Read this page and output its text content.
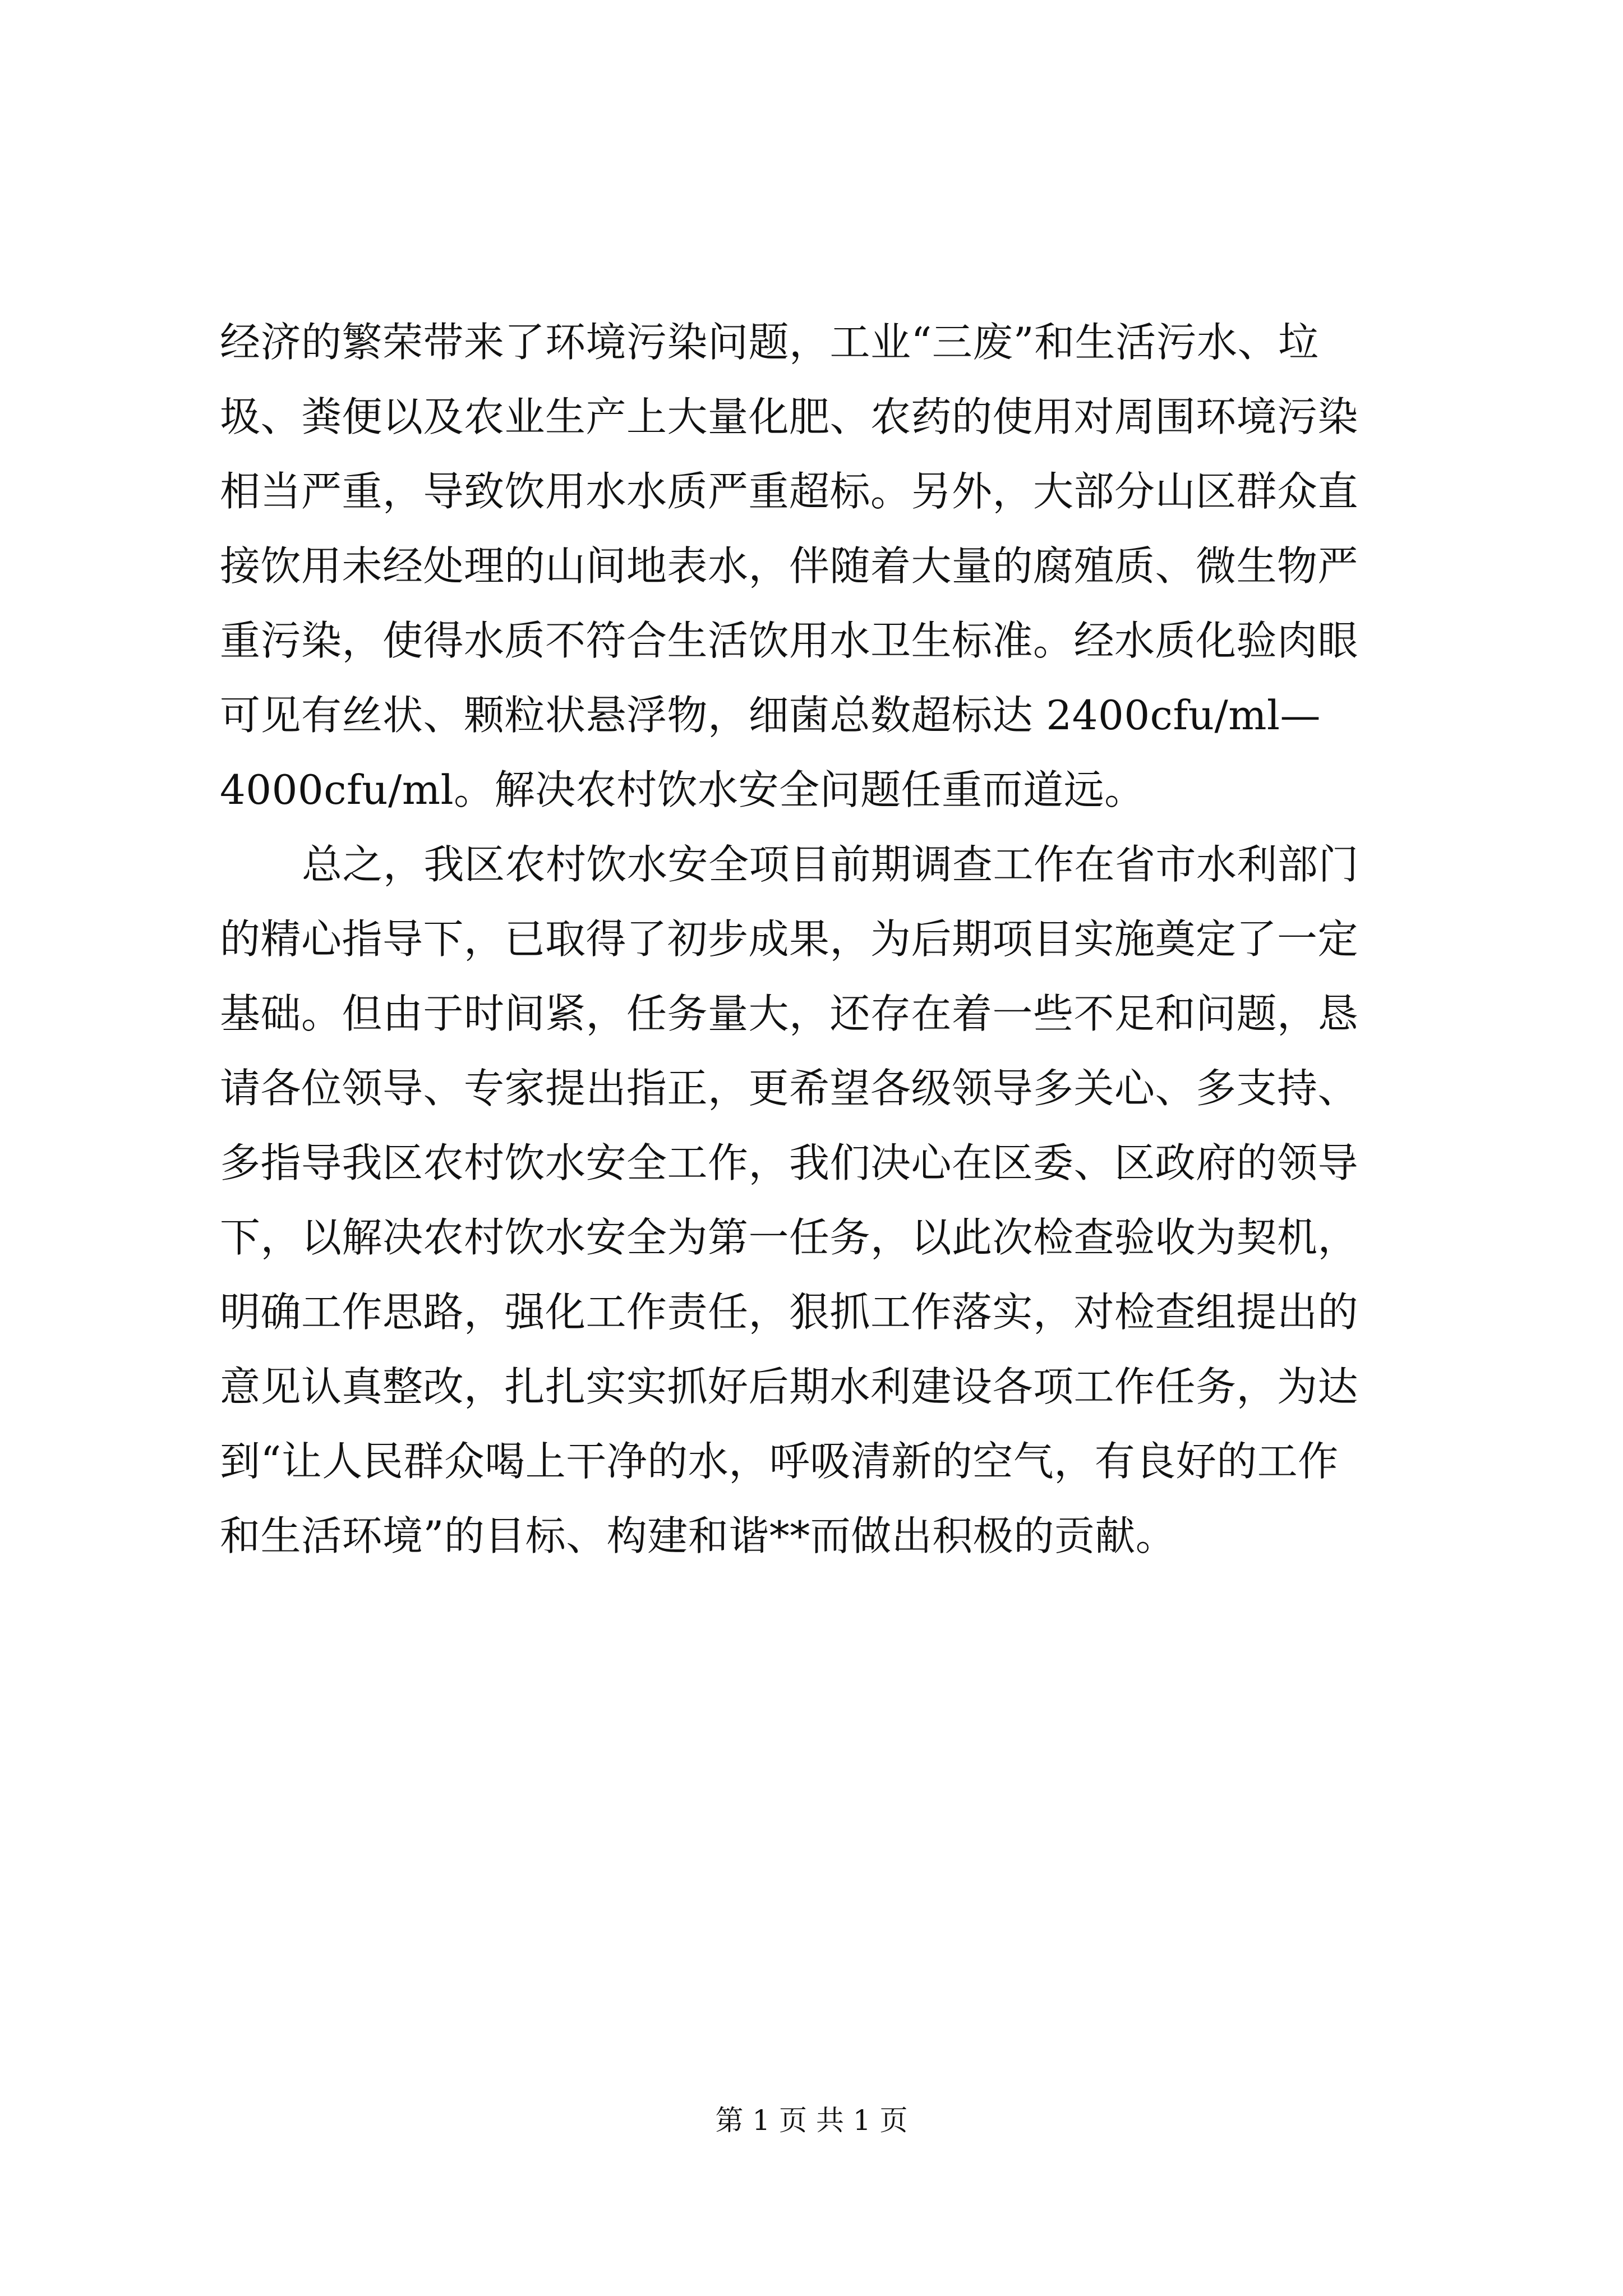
经济的繁荣带来了环境污染问题，工业“三废”和生活污水、垃
圾、粪便以及农业生产上大量化肥、农药的使用对周围环境污染
相当严重，导致饮用水水质严重超标。另外，大部分山区群众直
接饮用未经处理的山间地表水，伴随着大量的腐殖质、微生物严
重污染，使得水质不符合生活饮用水卫生标准。经水质化验肉眼
可见有丝状、颗粒状悬浮物，细菌总数超标达 2400cfu/ml—
4000cfu/ml。解决农村饮水安全问题任重而道远。
总之，我区农村饮水安全项目前期调查工作在省市水利部门
的精心指导下，已取得了初步成果，为后期项目实施奠定了一定
基础。但由于时间紧，任务量大，还存在着一些不足和问题，恳
请各位领导、专家提出指正，更希望各级领导多关心、多支持、
多指导我区农村饮水安全工作，我们决心在区委、区政府的领导
下，以解决农村饮水安全为第一任务，以此次检查验收为契机，
明确工作思路，强化工作责任，狠抓工作落实，对检查组提出的
意见认真整改，扎扎实实抓好后期水利建设各项工作任务，为达
到“让人民群众喝上干净的水，呼吸清新的空气，有良好的工作
和生活环境”的目标、构建和谐**而做出积极的贡献。
第 1 页 共 1 页
